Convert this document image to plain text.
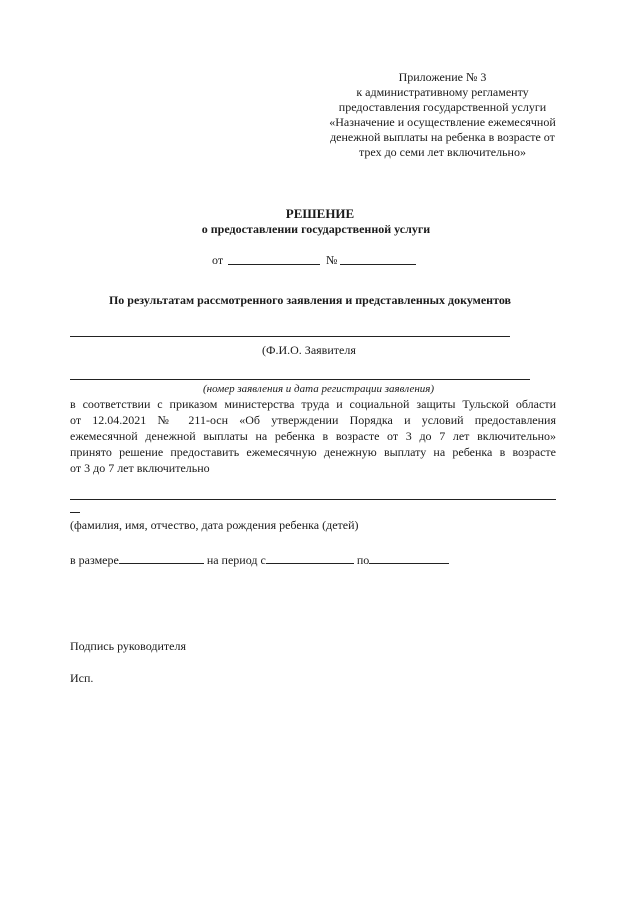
Приложение № 3
к административному регламенту
предоставления государственной услуги
«Назначение и осуществление ежемесячной
денежной выплаты на ребенка в возрасте от
трех до семи лет включительно»
РЕШЕНИЕ
о предоставлении государственной услуги
от	№
По результатам рассмотренного заявления и представленных документов
(Ф.И.О. Заявителя
(номер заявления и дата регистрации заявления)
в соответствии с приказом министерства труда и социальной защиты Тульской области
от 12.04.2021 № 211-осн «Об утверждении Порядка и условий предоставления
ежемесячной денежной выплаты на ребенка в возрасте от 3 до 7 лет включительно»
принято решение предоставить ежемесячную денежную выплату на ребенка в возрасте
от 3 до 7 лет включительно
(фамилия, имя, отчество, дата рождения ребенка (детей)
в размере	на период с	по
Подпись руководителя
Исп.
